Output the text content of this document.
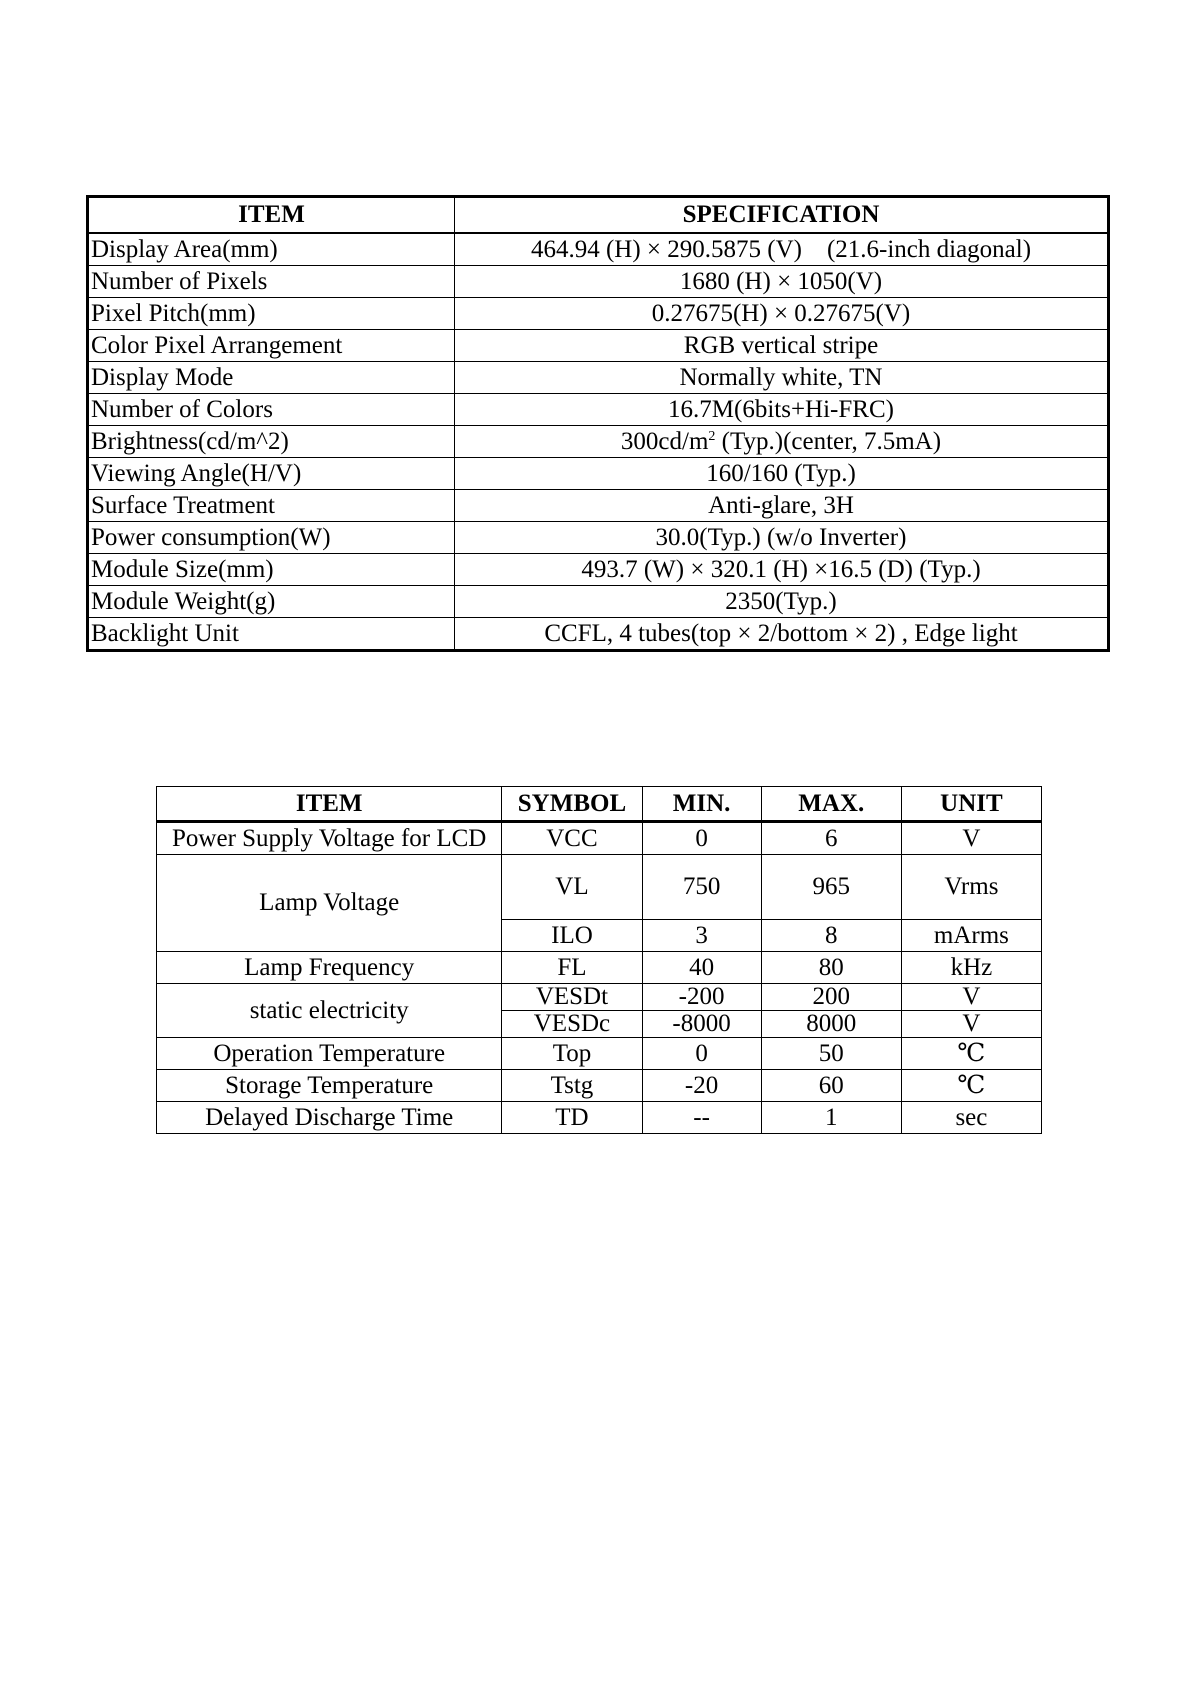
ITEM	SPECIFICATION
Display Area(mm)	464.94 (H) × 290.5875 (V)    (21.6-inch diagonal)
Number of Pixels	1680 (H) × 1050(V)
Pixel Pitch(mm)	0.27675(H) × 0.27675(V)
Color Pixel Arrangement	RGB vertical stripe
Display Mode	Normally white, TN
Number of Colors	16.7M(6bits+Hi-FRC)
Brightness(cd/m^2)	$300cd/m^2$ (Typ.)(center, 7.5mA)
Viewing Angle(H/V)	160/160 (Typ.)
Surface Treatment	Anti-glare, 3H
Power consumption(W)	30.0(Typ.) (w/o Inverter)
Module Size(mm)	493.7 (W) × 320.1 (H) ×16.5 (D) (Typ.)
Module Weight(g)	2350(Typ.)
Backlight Unit	CCFL, 4 tubes(top × 2/bottom × 2) , Edge light
ITEM	SYMBOL	MIN.	MAX.	UNIT
Power Supply Voltage for LCD	VCC	0	6	V
Lamp Voltage	VL	750	965	Vrms
	ILO	3	8	mArms
Lamp Frequency	FL	40	80	kHz
static electricity	VESDt	-200	200	V
	VESDc	-8000	8000	V
Operation Temperature	Top	0	50	℃
Storage Temperature	Tstg	-20	60	℃
Delayed Discharge Time	TD	--	1	sec
